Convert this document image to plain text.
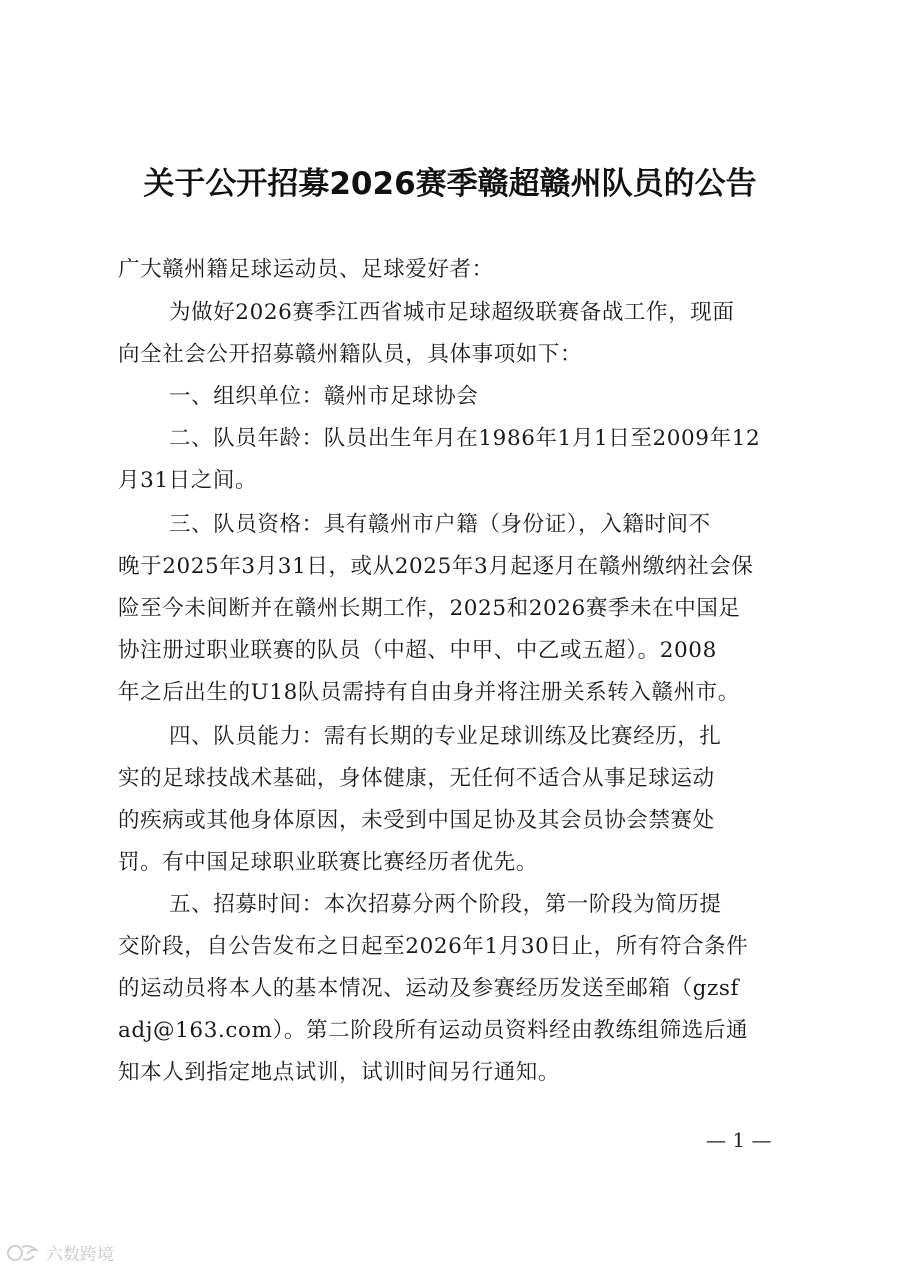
关于公开招募2026赛季赣超赣州队员的公告
广大赣州籍足球运动员、足球爱好者：
为做好2026赛季江西省城市足球超级联赛备战工作，现面
向全社会公开招募赣州籍队员，具体事项如下：
一、组织单位：赣州市足球协会
二、队员年龄：队员出生年月在1986年1月1日至2009年12
月31日之间。
三、队员资格：具有赣州市户籍（身份证），入籍时间不
晚于2025年3月31日，或从2025年3月起逐月在赣州缴纳社会保
险至今未间断并在赣州长期工作，2025和2026赛季未在中国足
协注册过职业联赛的队员（中超、中甲、中乙或五超）。2008
年之后出生的U18队员需持有自由身并将注册关系转入赣州市。
四、队员能力：需有长期的专业足球训练及比赛经历，扎
实的足球技战术基础，身体健康，无任何不适合从事足球运动
的疾病或其他身体原因，未受到中国足协及其会员协会禁赛处
罚。有中国足球职业联赛比赛经历者优先。
五、招募时间：本次招募分两个阶段，第一阶段为简历提
交阶段，自公告发布之日起至2026年1月30日止，所有符合条件
的运动员将本人的基本情况、运动及参赛经历发送至邮箱（gzsf
adj@163.com）。第二阶段所有运动员资料经由教练组筛选后通
知本人到指定地点试训，试训时间另行通知。
— 1 —
六数跨境
